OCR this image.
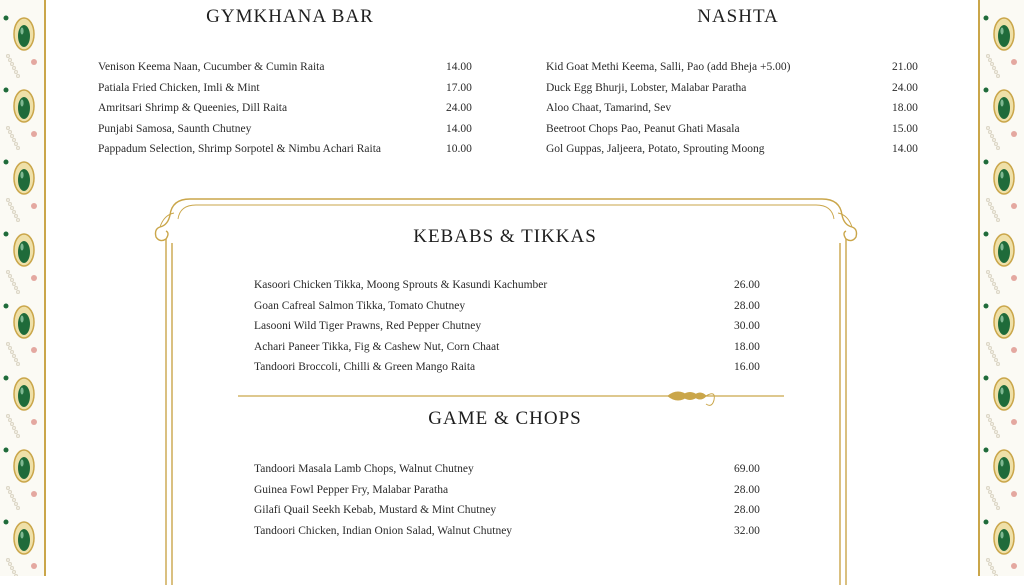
GYMKHANA BAR
Venison Keema Naan, Cucumber & Cumin Raita	14.00
Patiala Fried Chicken, Imli & Mint	17.00
Amritsari Shrimp & Queenies, Dill Raita	24.00
Punjabi Samosa, Saunth Chutney	14.00
Pappadum Selection, Shrimp Sorpotel & Nimbu Achari Raita	10.00
NASHTA
Kid Goat Methi Keema, Salli, Pao (add Bheja +5.00)	21.00
Duck Egg Bhurji, Lobster, Malabar Paratha	24.00
Aloo Chaat, Tamarind, Sev	18.00
Beetroot Chops Pao, Peanut Ghati Masala	15.00
Gol Guppas, Jaljeera, Potato, Sprouting Moong	14.00
KEBABS & TIKKAS
Kasoori Chicken Tikka, Moong Sprouts & Kasundi Kachumber	26.00
Goan Cafreal Salmon Tikka, Tomato Chutney	28.00
Lasooni Wild Tiger Prawns, Red Pepper Chutney	30.00
Achari Paneer Tikka, Fig & Cashew Nut, Corn Chaat	18.00
Tandoori Broccoli, Chilli & Green Mango Raita	16.00
GAME & CHOPS
Tandoori Masala Lamb Chops, Walnut Chutney	69.00
Guinea Fowl Pepper Fry, Malabar Paratha	28.00
Gilafi Quail Seekh Kebab, Mustard & Mint Chutney	28.00
Tandoori Chicken, Indian Onion Salad, Walnut Chutney	32.00
